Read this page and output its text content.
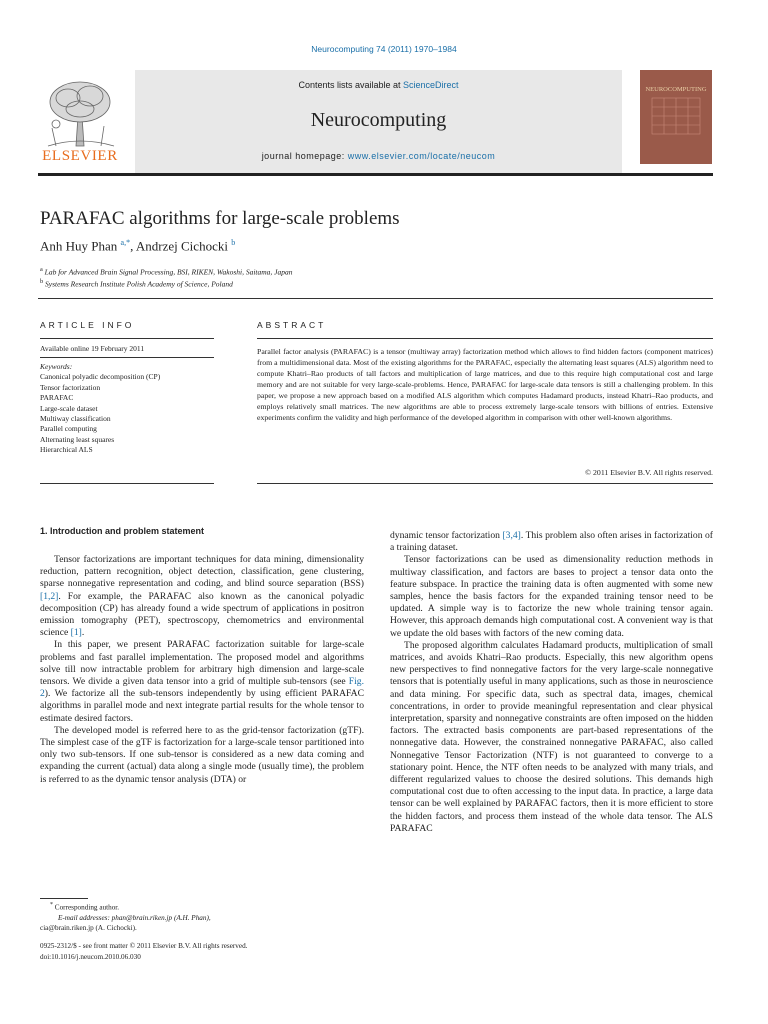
Neurocomputing 74 (2011) 1970–1984
ELSEVIER
Contents lists available at ScienceDirect
Neurocomputing
journal homepage: www.elsevier.com/locate/neucom
NEUROCOMPUTING
PARAFAC algorithms for large-scale problems
Anh Huy Phan $^{a,*}$, Andrzej Cichocki $^b$
$^a$ Lab for Advanced Brain Signal Processing, BSI, RIKEN, Wakoshi, Saitama, Japan
$^b$ Systems Research Institute Polish Academy of Science, Poland
ARTICLE INFO
Available online 19 February 2011
Keywords:
Canonical polyadic decomposition (CP)
Tensor factorization
PARAFAC
Large-scale dataset
Multiway classification
Parallel computing
Alternating least squares
Hierarchical ALS
ABSTRACT
Parallel factor analysis (PARAFAC) is a tensor (multiway array) factorization method which allows to find hidden factors (component matrices) from a multidimensional data. Most of the existing algorithms for the PARAFAC, especially the alternating least squares (ALS) algorithm need to compute Khatri–Rao products of tall factors and multiplication of large matrices, and due to this require high computational cost and large memory and are not suitable for very large-scale-problems. Hence, PARAFAC for large-scale data tensors is still a challenging problem. In this paper, we propose a new approach based on a modified ALS algorithm which computes Hadamard products, instead Khatri–Rao products, and employs relatively small matrices. The new algorithms are able to process extremely large-scale tensors with billions of entries. Extensive experiments confirm the validity and high performance of the developed algorithm in comparison with other well-known algorithms.
© 2011 Elsevier B.V. All rights reserved.
1. Introduction and problem statement

Tensor factorizations are important techniques for data mining, dimensionality reduction, pattern recognition, object detection, classification, gene clustering, sparse nonnegative representation and coding, and blind source separation (BSS) [1,2]. For example, the PARAFAC also known as the canonical polyadic decomposition (CP) has already found a wide spectrum of applications in positron emission tomography (PET), spectroscopy, chemometrics and environmental science [1].

In this paper, we present PARAFAC factorization suitable for large-scale problems and fast parallel implementation. The proposed model and algorithms solve till now intractable problem for arbitrary high dimension and large-scale tensors. We divide a given data tensor into a grid of multiple sub-tensors (see Fig. 2). We factorize all the sub-tensors independently by using efficient PARAFAC algorithms in parallel mode and next integrate partial results for the whole tensor to estimate desired factors.

The developed model is referred here to as the grid-tensor factorization (gTF). The simplest case of the gTF is factorization for a large-scale tensor partitioned into only two sub-tensors. If one sub-tensor is considered as a new data coming and expanding the current (actual) data along a single mode (usually time), the problem is referred to as the dynamic tensor analysis (DTA) or

dynamic tensor factorization [3,4]. This problem also often arises in factorization of a training dataset.

Tensor factorizations can be used as dimensionality reduction methods in multiway classification, and factors are bases to project a tensor data onto the feature subspace. In practice the training data is often augmented with some new samples, hence the basis factors for the expanded training tensor need to be updated. A simple way is to factorize the new whole training tensor again. However, this approach demands high computational cost. A convenient way is that we update the old bases with factors of the new coming data.

The proposed algorithm calculates Hadamard products, multiplication of small matrices, and avoids Khatri–Rao products. Especially, this new algorithm opens new perspectives to find nonnegative factors for the very large-scale nonnegative tensors that is potentially useful in many applications, such as those in neuroscience and data mining. For specific data, such as spectral data, images, chemical concentrations, in order to provide meaningful representation and clear physical interpretation, sparsity and nonnegative constraints are often imposed on the hidden factors. The extracted basis components are part-based representations of the nonnegative data. However, the constrained nonnegative PARAFAC, also called Nonnegative Tensor Factorization (NTF) is not guaranteed to converge to a stationary point. Hence, the NTF often needs to be analyzed with many trials, and different regularized values to choose the desired solutions. This demands high computational cost due to often accessing to the input data. In practice, a large data tensor can be well explained by PARAFAC factors, then it is more efficient to store the hidden factors, and process them instead of the whole data tensor. The ALS PARAFAC

* Corresponding author.
E-mail addresses: phan@brain.riken.jp (A.H. Phan),
cia@brain.riken.jp (A. Cichocki).
0925-2312/$ - see front matter © 2011 Elsevier B.V. All rights reserved.
doi:10.1016/j.neucom.2010.06.030
